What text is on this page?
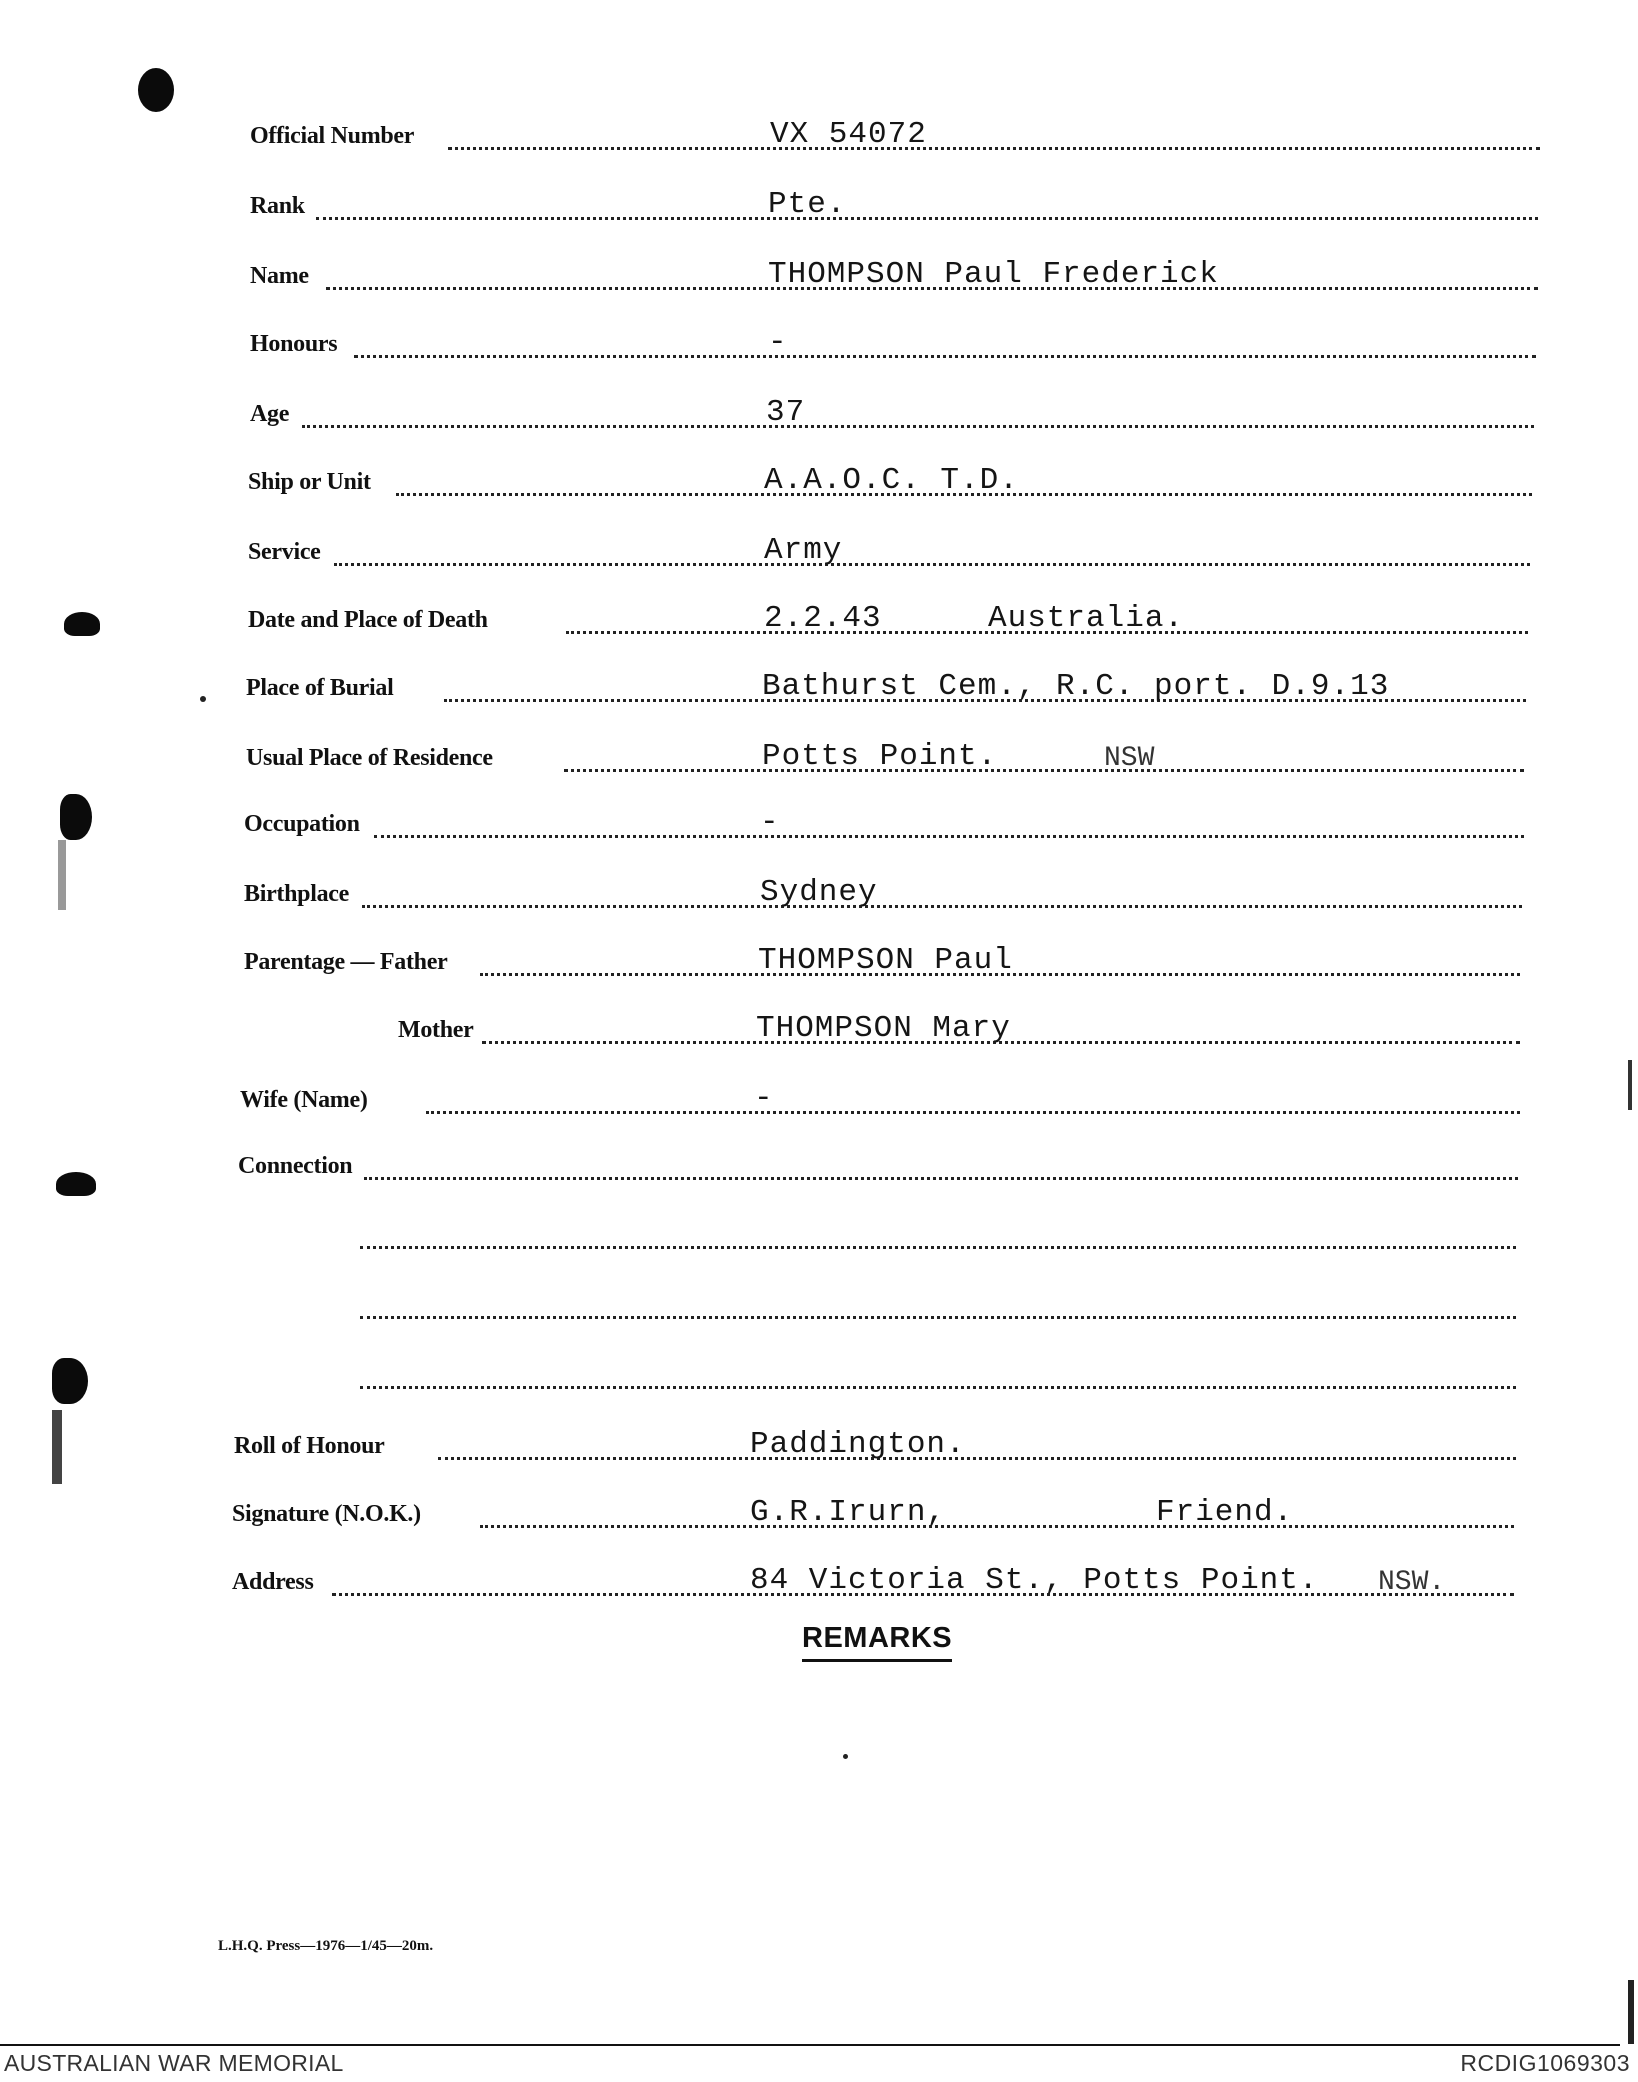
Official Number	VX 54072
Rank	Pte.
Name	THOMPSON Paul Frederick
Honours	-
Age	37
Ship or Unit	A.A.O.C. T.D.
Service	Army
Date and Place of Death	2.2.43	Australia.
Place of Burial	Bathurst Cem., R.C. port. D.9.13
Usual Place of Residence	Potts Point.	NSW
Occupation	-
Birthplace	Sydney
Parentage — Father	THOMPSON Paul
Mother	THOMPSON Mary
Wife (Name)	-
Connection
Roll of Honour	Paddington.
Signature (N.O.K.)	G.R.Irurn,	Friend.
Address	84 Victoria St., Potts Point. NSW.
REMARKS
L.H.Q. Press—1976—1/45—20m.
AUSTRALIAN WAR MEMORIAL	RCDIG1069303
